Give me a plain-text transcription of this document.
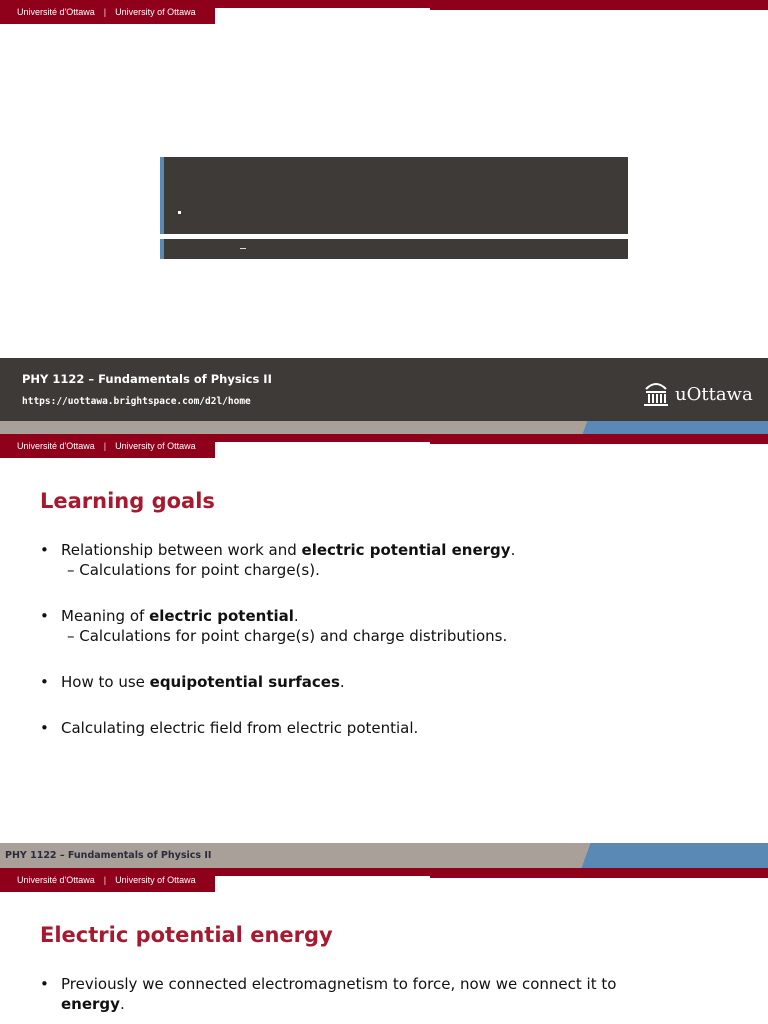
Université d'Ottawa | University of Ottawa
PHY 1122 – Fundamentals of Physics II
https://uottawa.brightspace.com/d2l/home	uOttawa
Université d'Ottawa | University of Ottawa
Learning goals
• Relationship between work and electric potential energy.
– Calculations for point charge(s).
• Meaning of electric potential.
– Calculations for point charge(s) and charge distributions.
• How to use equipotential surfaces.
• Calculating electric field from electric potential.
PHY 1122 – Fundamentals of Physics II
Université d'Ottawa | University of Ottawa
Electric potential energy
• Previously we connected electromagnetism to force, now we connect it to energy.
